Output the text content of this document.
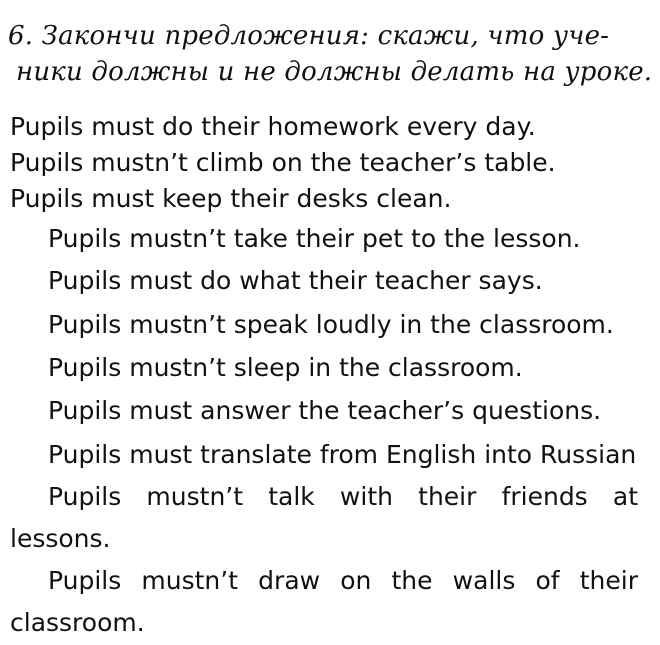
6. Закончи предложения: скажи, что уче-
ники должны и не должны делать на уроке.
Pupils must do their homework every day.
Pupils mustn’t climb on the teacher’s table.
Pupils must keep their desks clean.
Pupils mustn’t take their pet to the lesson.
Pupils must do what their teacher says.
Pupils mustn’t speak loudly in the classroom.
Pupils mustn’t sleep in the classroom.
Pupils must answer the teacher’s questions.
Pupils must translate from English into Russian
Pupils mustn’t talk with their friends at
lessons.
Pupils mustn’t draw on the walls of their
classroom.
